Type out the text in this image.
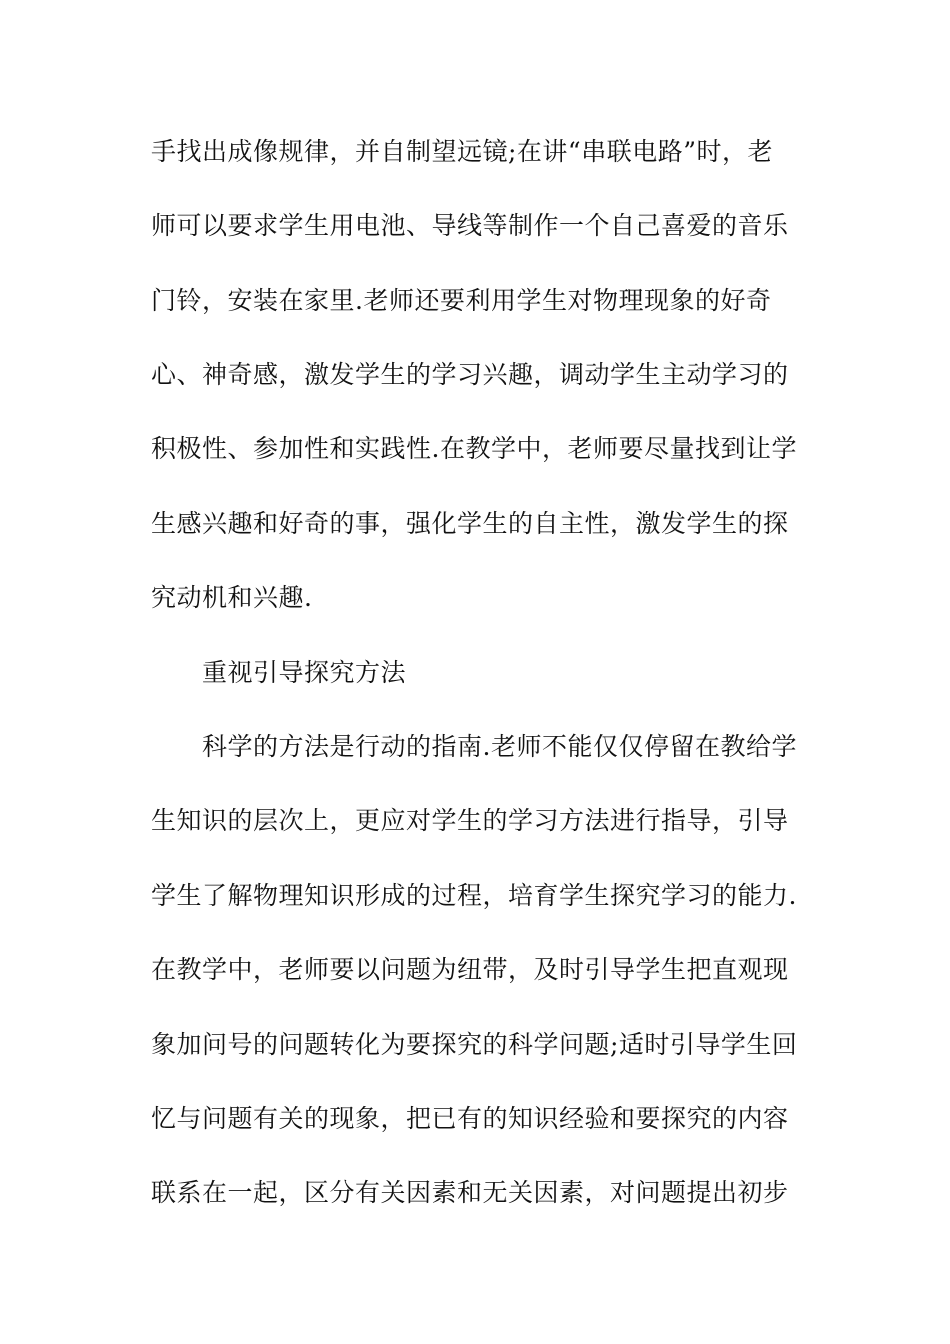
手找出成像规律，并自制望远镜;在讲“串联电路”时，老
师可以要求学生用电池、导线等制作一个自己喜爱的音乐
门铃，安装在家里.老师还要利用学生对物理现象的好奇
心、神奇感，激发学生的学习兴趣，调动学生主动学习的
积极性、参加性和实践性.在教学中，老师要尽量找到让学
生感兴趣和好奇的事，强化学生的自主性，激发学生的探
究动机和兴趣.
重视引导探究方法
科学的方法是行动的指南.老师不能仅仅停留在教给学
生知识的层次上，更应对学生的学习方法进行指导，引导
学生了解物理知识形成的过程，培育学生探究学习的能力.
在教学中，老师要以问题为纽带，及时引导学生把直观现
象加问号的问题转化为要探究的科学问题;适时引导学生回
忆与问题有关的现象，把已有的知识经验和要探究的内容
联系在一起，区分有关因素和无关因素，对问题提出初步
